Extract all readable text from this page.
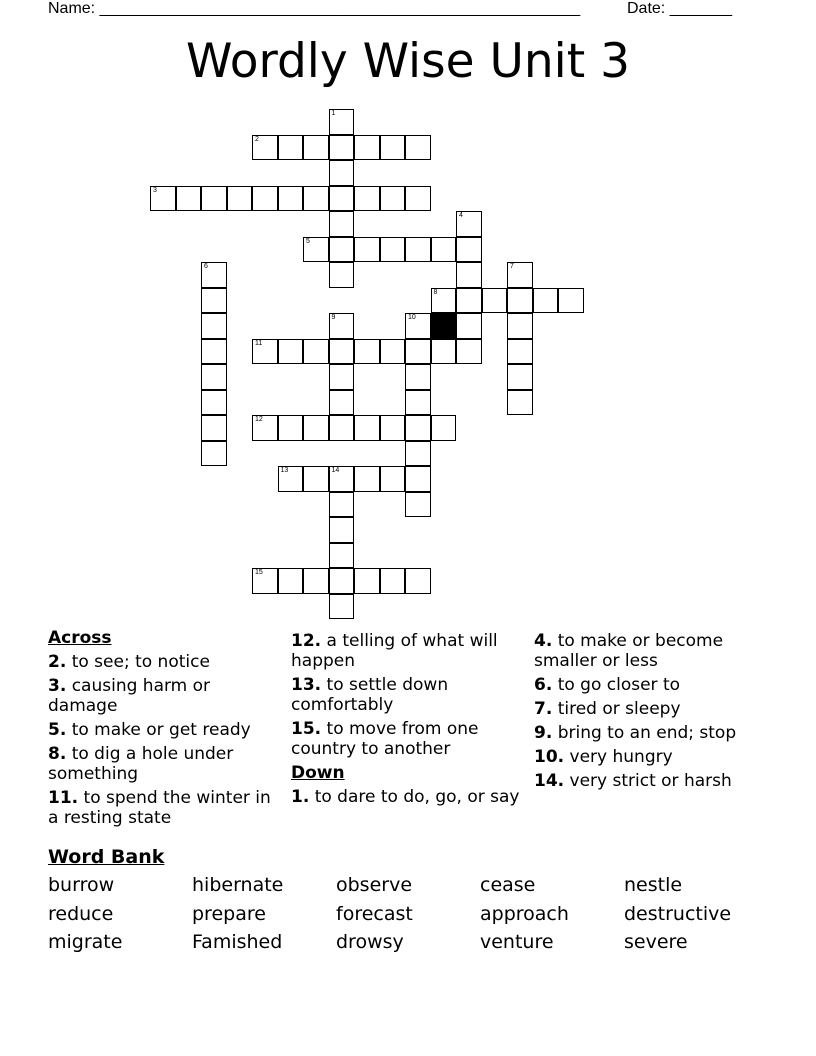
Name: ______________________________________________________	Date: _______
Wordly Wise Unit 3
1
2
3
4
5
6	7
8
9	10
11
12
13	14
15
Across
2. to see; to notice
3. causing harm or damage
5. to make or get ready
8. to dig a hole under something
11. to spend the winter in a resting state
12. a telling of what will happen
13. to settle down comfortably
15. to move from one country to another
Down
1. to dare to do, go, or say
4. to make or become smaller or less
6. to go closer to
7. tired or sleepy
9. bring to an end; stop
10. very hungry
14. very strict or harsh
Word Bank
burrow	hibernate	observe	cease	nestle
reduce	prepare	forecast	approach	destructive
migrate	Famished	drowsy	venture	severe
